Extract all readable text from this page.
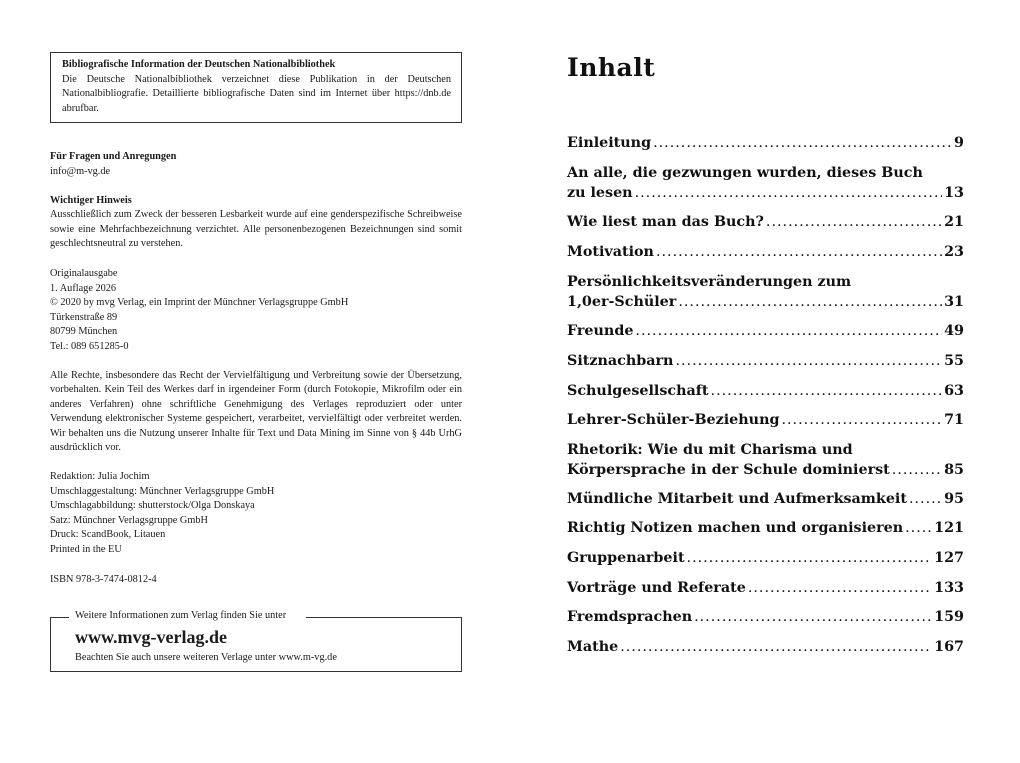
Bibliografische Information der Deutschen Nationalbibliothek
Die Deutsche Nationalbibliothek verzeichnet diese Publikation in der Deutschen Nationalbibliografie. Detaillierte bibliografische Daten sind im Internet über https://dnb.de abrufbar.
Für Fragen und Anregungen
info@m-vg.de
Wichtiger Hinweis
Ausschließlich zum Zweck der besseren Lesbarkeit wurde auf eine genderspezifische Schreibweise sowie eine Mehrfachbezeichnung verzichtet. Alle personenbezogenen Bezeichnungen sind somit geschlechtsneutral zu verstehen.
Originalausgabe
1. Auflage 2026
© 2020 by mvg Verlag, ein Imprint der Münchner Verlagsgruppe GmbH
Türkenstraße 89
80799 München
Tel.: 089 651285-0
Alle Rechte, insbesondere das Recht der Vervielfältigung und Verbreitung sowie der Übersetzung, vorbehalten. Kein Teil des Werkes darf in irgendeiner Form (durch Fotokopie, Mikrofilm oder ein anderes Verfahren) ohne schriftliche Genehmigung des Verlages reproduziert oder unter Verwendung elektronischer Systeme gespeichert, verarbeitet, vervielfältigt oder verbreitet werden. Wir behalten uns die Nutzung unserer Inhalte für Text und Data Mining im Sinne von § 44b UrhG ausdrücklich vor.
Redaktion: Julia Jochim
Umschlaggestaltung: Münchner Verlagsgruppe GmbH
Umschlagabbildung: shutterstock/Olga Donskaya
Satz: Münchner Verlagsgruppe GmbH
Druck: ScandBook, Litauen
Printed in the EU
ISBN 978-3-7474-0812-4
Weitere Informationen zum Verlag finden Sie unter
www.mvg-verlag.de
Beachten Sie auch unsere weiteren Verlage unter www.m-vg.de
Inhalt
Einleitung .....	9
An alle, die gezwungen wurden, dieses Buch
zu lesen .....	13
Wie liest man das Buch? .....	21
Motivation .....	23
Persönlichkeitsveränderungen zum
1,0er-Schüler .....	31
Freunde .....	49
Sitznachbarn .....	55
Schulgesellschaft .....	63
Lehrer-Schüler-Beziehung .....	71
Rhetorik: Wie du mit Charisma und
Körpersprache in der Schule dominierst .....	85
Mündliche Mitarbeit und Aufmerksamkeit .....	95
Richtig Notizen machen und organisieren ..... 121
Gruppenarbeit .....	127
Vorträge und Referate .....	133
Fremdsprachen .....	159
Mathe .....	167
